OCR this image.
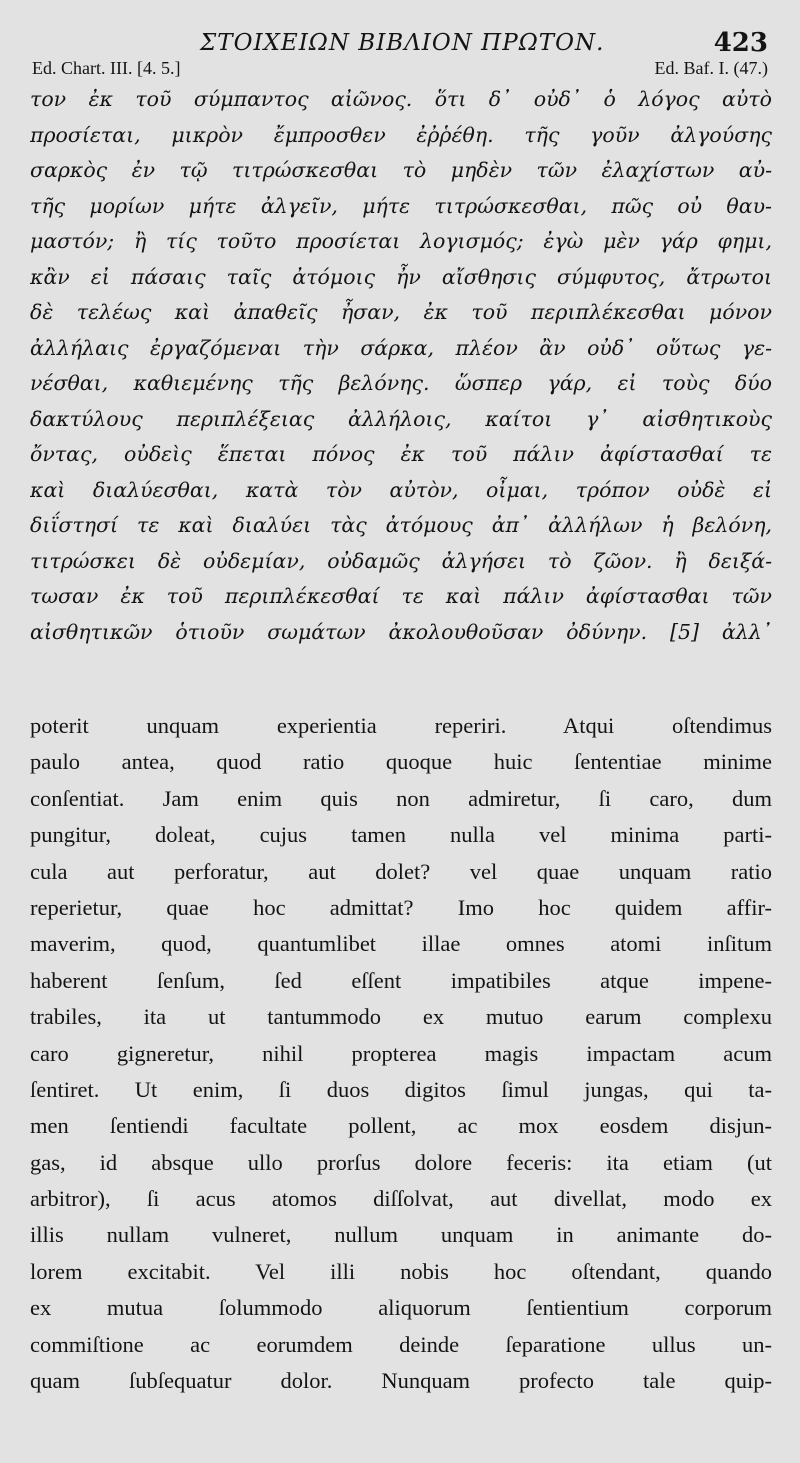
ΣΤΟΙΧΕΙΩΝ ΒΙΒΛΙΟΝ ΠΡΩΤΟΝ.	423
Ed. Chart. III. [4. 5.]	Ed. Baf. I. (47.)
τον ἐκ τοῦ σύμπαντος αἰῶνος. ὅτι δ᾽ οὐδ᾽ ὁ λόγος αὐτὸ
προσίεται, μικρὸν ἔμπροσθεν ἐῤῥέθη. τῆς γοῦν ἀλγούσης
σαρκὸς ἐν τῷ τιτρώσκεσθαι τὸ μηδὲν τῶν ἐλαχίστων αὐ-
τῆς μορίων μήτε ἀλγεῖν, μήτε τιτρώσκεσθαι, πῶς οὐ θαυ-
μαστόν; ἢ τίς τοῦτο προσίεται λογισμός; ἐγὼ μὲν γάρ φημι,
κἂν εἰ πάσαις ταῖς ἀτόμοις ἦν αἴσθησις σύμφυτος, ἄτρωτοι
δὲ τελέως καὶ ἀπαθεῖς ἦσαν, ἐκ τοῦ περιπλέκεσθαι μόνον
ἀλλήλαις ἐργαζόμεναι τὴν σάρκα, πλέον ἂν οὐδ᾽ οὕτως γε-
νέσθαι, καθιεμένης τῆς βελόνης. ὥσπερ γάρ, εἰ τοὺς δύο
δακτύλους περιπλέξειας ἀλλήλοις, καίτοι γ᾽ αἰσθητικοὺς
ὄντας, οὐδεὶς ἕπεται πόνος ἐκ τοῦ πάλιν ἀφίστασθαί τε
καὶ διαλύεσθαι, κατὰ τὸν αὐτὸν, οἶμαι, τρόπον οὐδὲ εἰ
διΐστησί τε καὶ διαλύει τὰς ἀτόμους ἀπ᾽ ἀλλήλων ἡ βελόνη,
τιτρώσκει δὲ οὐδεμίαν, οὐδαμῶς ἀλγήσει τὸ ζῶον. ἢ δειξά-
τωσαν ἐκ τοῦ περιπλέκεσθαί τε καὶ πάλιν ἀφίστασθαι τῶν
αἰσθητικῶν ὁτιοῦν σωμάτων ἀκολουθοῦσαν ὀδύνην. [5] ἀλλ᾽
poterit unquam experientia reperiri. Atqui oſtendimus
paulo antea, quod ratio quoque huic ſententiae minime
conſentiat. Jam enim quis non admiretur, ſi caro, dum
pungitur, doleat, cujus tamen nulla vel minima parti-
cula aut perforatur, aut dolet? vel quae unquam ratio
reperietur, quae hoc admittat? Imo hoc quidem affir-
maverim, quod, quantumlibet illae omnes atomi inſitum
haberent ſenſum, ſed eſſent impatibiles atque impene-
trabiles, ita ut tantummodo ex mutuo earum complexu
caro gigneretur, nihil propterea magis impactam acum
ſentiret. Ut enim, ſi duos digitos ſimul jungas, qui ta-
men ſentiendi facultate pollent, ac mox eosdem disjun-
gas, id absque ullo prorſus dolore feceris: ita etiam (ut
arbitror), ſi acus atomos diſſolvat, aut divellat, modo ex
illis nullam vulneret, nullum unquam in animante do-
lorem excitabit. Vel illi nobis hoc oſtendant, quando
ex mutua ſolummodo aliquorum ſentientium corporum
commiſtione ac eorumdem deinde ſeparatione ullus un-
quam ſubſequatur dolor. Nunquam profecto tale quip-
